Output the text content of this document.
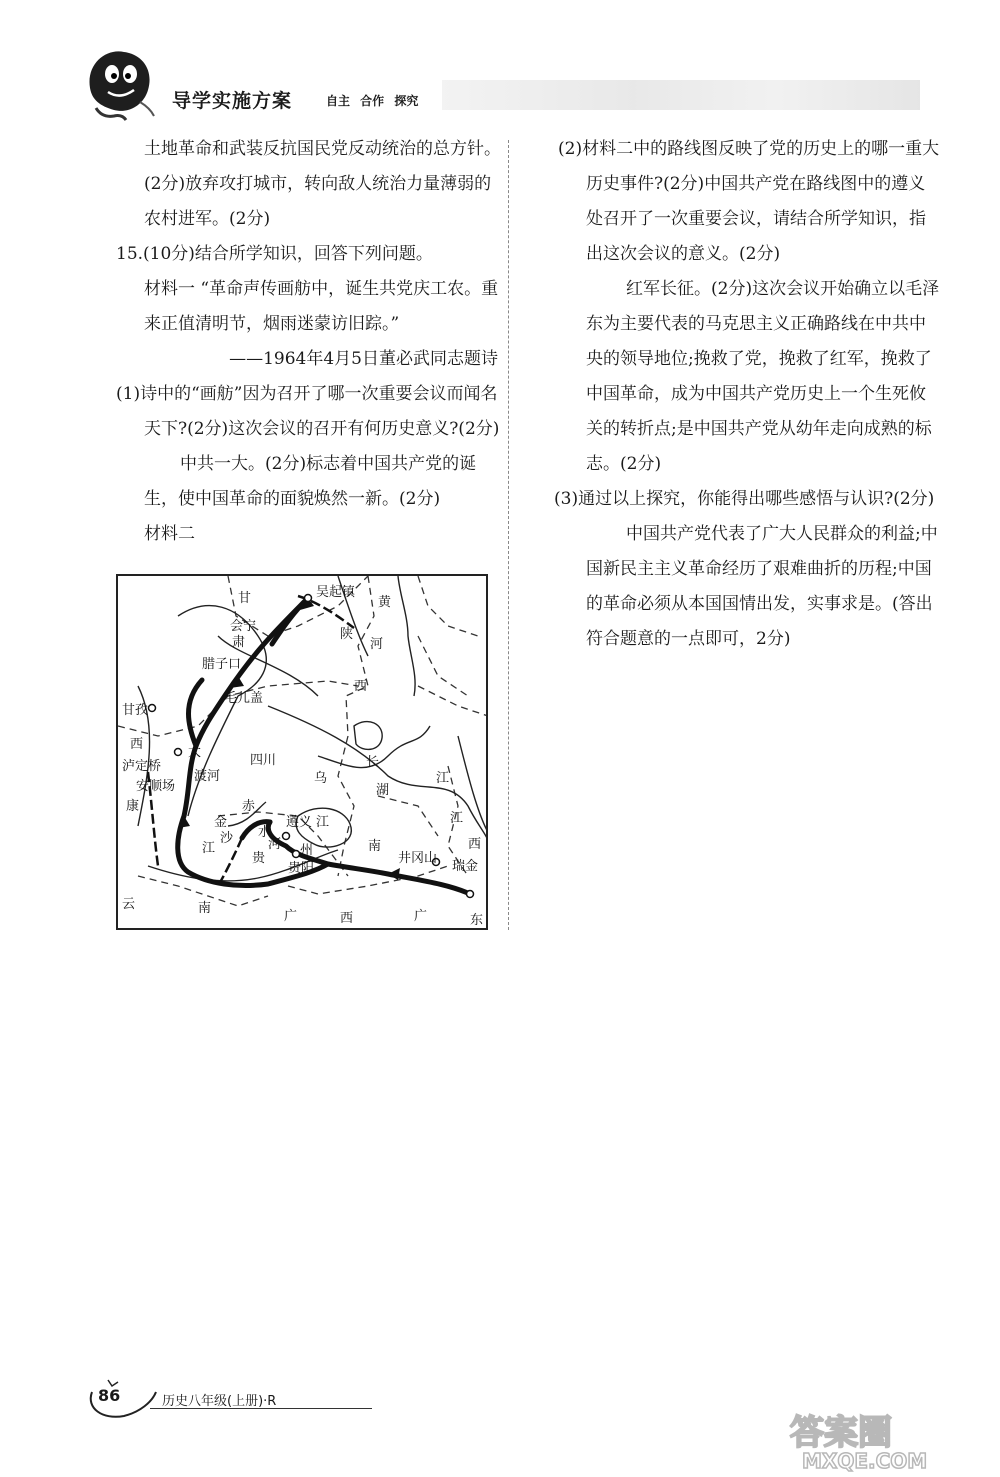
导学实施方案	自主 合作 探究

土地革命和武装反抗国民党反动统治的总方针。(2分)放弃攻打城市，转向敌人统治力量薄弱的农村进军。(2分)

15.(10分)结合所学知识，回答下列问题。

材料一 “革命声传画舫中，诞生共党庆工农。重来正值清明节，烟雨迷蒙访旧踪。”

——1964年4月5日董必武同志题诗

(1)诗中的“画舫”因为召开了哪一次重要会议而闻名天下?(2分)这次会议的召开有何历史意义?(2分)

中共一大。(2分)标志着中国共产党的诞生，使中国革命的面貌焕然一新。(2分)

材料二

吴起镇
甘
会宁
肃
黄
陕
河
腊子口
毛儿盖
西
甘孜
西
泸定桥
大
安顺场
渡河
康
四川	长
乌
湖
江
江
赤
水
河
遵义 江
金
沙
江
贵
州
贵阳
南
井冈山
西
瑞金
云	南
广	西	广	东

(2)材料二中的路线图反映了党的历史上的哪一重大历史事件?(2分)中国共产党在路线图中的遵义处召开了一次重要会议，请结合所学知识，指出这次会议的意义。(2分)

红军长征。(2分)这次会议开始确立以毛泽东为主要代表的马克思主义正确路线在中共中央的领导地位;挽救了党，挽救了红军，挽救了中国革命，成为中国共产党历史上一个生死攸关的转折点;是中国共产党从幼年走向成熟的标志。(2分)

(3)通过以上探究，你能得出哪些感悟与认识?(2分)

中国共产党代表了广大人民群众的利益;中国新民主主义革命经历了艰难曲折的历程;中国的革命必须从本国国情出发，实事求是。(答出符合题意的一点即可，2分)

86	历史八年级(上册)·R
答案圈
MXQE.COM
